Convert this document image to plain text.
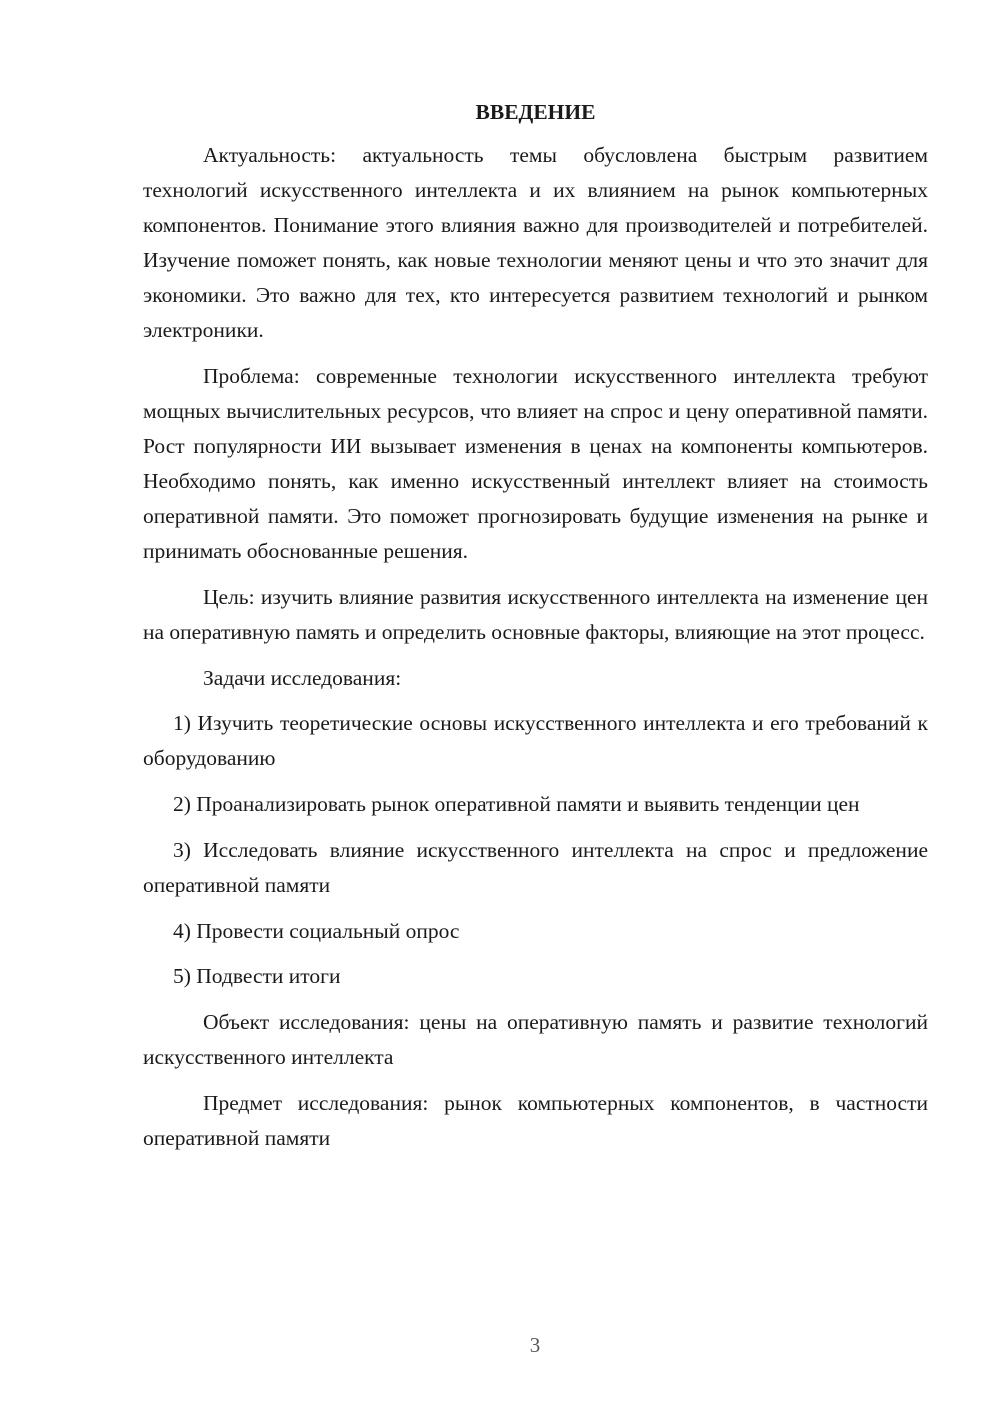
ВВЕДЕНИЕ

Актуальность: актуальность темы обусловлена быстрым развитием технологий искусственного интеллекта и их влиянием на рынок компьютерных компонентов. Понимание этого влияния важно для производителей и потребителей. Изучение поможет понять, как новые технологии меняют цены и что это значит для экономики. Это важно для тех, кто интересуется развитием технологий и рынком электроники.

Проблема: современные технологии искусственного интеллекта требуют мощных вычислительных ресурсов, что влияет на спрос и цену оперативной памяти. Рост популярности ИИ вызывает изменения в ценах на компоненты компьютеров. Необходимо понять, как именно искусственный интеллект влияет на стоимость оперативной памяти. Это поможет прогнозировать будущие изменения на рынке и принимать обоснованные решения.

Цель: изучить влияние развития искусственного интеллекта на изменение цен на оперативную память и определить основные факторы, влияющие на этот процесс.

Задачи исследования:

1) Изучить теоретические основы искусственного интеллекта и его требований к оборудованию

2) Проанализировать рынок оперативной памяти и выявить тенденции цен

3) Исследовать влияние искусственного интеллекта на спрос и предложение оперативной памяти

4) Провести социальный опрос

5) Подвести итоги

Объект исследования: цены на оперативную память и развитие технологий искусственного интеллекта

Предмет исследования: рынок компьютерных компонентов, в частности оперативной памяти

3
